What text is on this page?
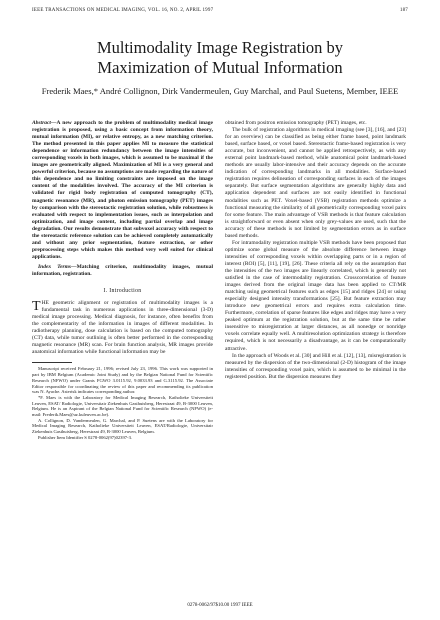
IEEE TRANSACTIONS ON MEDICAL IMAGING, VOL. 16, NO. 2, APRIL 1997	187
Multimodality Image Registration by
Maximization of Mutual Information
Frederik Maes,* André Collignon, Dirk Vandermeulen, Guy Marchal, and Paul Suetens, Member, IEEE

Abstract—A new approach to the problem of multimodality medical image registration is proposed, using a basic concept from information theory, mutual information (MI), or relative entropy, as a new matching criterion. The method presented in this paper applies MI to measure the statistical dependence or information redundancy between the image intensities of corresponding voxels in both images, which is assumed to be maximal if the images are geometrically aligned. Maximization of MI is a very general and powerful criterion, because no assumptions are made regarding the nature of this dependence and no limiting constraints are imposed on the image content of the modalities involved. The accuracy of the MI criterion is validated for rigid body registration of computed tomography (CT), magnetic resonance (MR), and photon emission tomography (PET) images by comparison with the stereotactic registration solution, while robustness is evaluated with respect to implementation issues, such as interpolation and optimization, and image content, including partial overlap and image degradation. Our results demonstrate that subvoxel accuracy with respect to the stereotactic reference solution can be achieved completely automatically and without any prior segmentation, feature extraction, or other preprocessing steps which makes this method very well suited for clinical applications.

Index Terms—Matching criterion, multimodality images, mutual information, registration.

I. Introduction

THE geometric alignment or registration of multimodality images is a fundamental task in numerous applications in three-dimensional (3-D) medical image processing. Medical diagnosis, for instance, often benefits from the complementarity of the information in images of different modalities. In radiotherapy planning, dose calculation is based on the computed tomography (CT) data, while tumor outlining is often better performed in the corresponding magnetic resonance (MR) scan. For brain function analysis, MR images provide anatomical information while functional information may be

Manuscript received February 21, 1996; revised July 23, 1996. This work was supported in part by IBM Belgium (Academic Joint Study) and by the Belgian National Fund for Scientific Research (NFWO) under Grants FGWO 3.0115.92, 9.0033.93 and G.3115.92. The Associate Editor responsible for coordinating the review of this paper and recommending its publication was N. Ayache. Asterisk indicates corresponding author.

*F. Maes is with the Laboratory for Medical Imaging Research, Katholieke Universiteit Leuven, ESAT/ Radiologie, Universitair Ziekenhuis Gasthuisberg, Herestraat 49, B-3000 Leuven, Belgium. He is an Aspirant of the Belgian National Fund for Scientific Research (NFWO) (e-mail: Frederik.Maes@uz.kuleuven.ac.be).

A. Collignon, D. Vandermeulen, G. Marchal, and P. Suetens are with the Laboratory for Medical Imaging Research, Katholieke Universiteit Leuven, ESAT/Radiologie, Universitair Ziekenhuis Gasthuisberg, Herestraat 49, B-3000 Leuven, Belgium.

Publisher Item Identifier S 0278-0062(97)02397-3.

obtained from positron emission tomography (PET) images, etc.

The bulk of registration algorithms in medical imaging (see [3], [16], and [23] for an overview) can be classified as being either frame based, point landmark based, surface based, or voxel based. Stereotactic frame-based registration is very accurate, but inconvenient, and cannot be applied retrospectively, as with any external point landmark-based method, while anatomical point landmark-based methods are usually labor-intensive and their accuracy depends on the accurate indication of corresponding landmarks in all modalities. Surface-based registration requires delineation of corresponding surfaces in each of the images separately. But surface segmentation algorithms are generally highly data and application dependent and surfaces are not easily identified in functional modalities such as PET. Voxel-based (VSB) registration methods optimize a functional measuring the similarity of all geometrically corresponding voxel pairs for some feature. The main advantage of VSB methods is that feature calculation is straightforward or even absent when only grey-values are used, such that the accuracy of these methods is not limited by segmentation errors as in surface based methods.

For intramodality registration multiple VSB methods have been proposed that optimize some global measure of the absolute difference between image intensities of corresponding voxels within overlapping parts or in a region of interest (ROI) [5], [11], [19], [26]. These criteria all rely on the assumption that the intensities of the two images are linearly correlated, which is generally not satisfied in the case of intermodality registration. Crosscorrelation of feature images derived from the original image data has been applied to CT/MR matching using geometrical features such as edges [15] and ridges [24] or using especially designed intensity transformations [25]. But feature extraction may introduce new geometrical errors and requires extra calculation time. Furthermore, correlation of sparse features like edges and ridges may have a very peaked optimum at the registration solution, but at the same time be rather insensitive to misregistration at larger distances, as all nonedge or nonridge voxels correlate equally well. A multiresolution optimization strategy is therefore required, which is not necessarily a disadvantage, as it can be computationally attractive.

In the approach of Woods et al. [30] and Hill et al. [12], [13], misregistration is measured by the dispersion of the two-dimensional (2-D) histogram of the image intensities of corresponding voxel pairs, which is assumed to be minimal in the registered position. But the dispersion measures they

0278-0062/97$10.00 1997 IEEE
